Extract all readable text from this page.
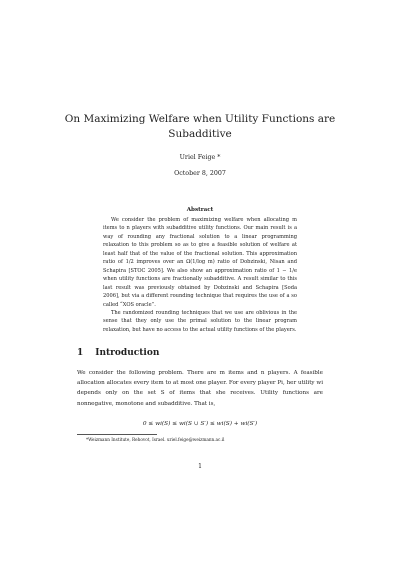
On Maximizing Welfare when Utility Functions are Subadditive
Uriel Feige *
October 8, 2007
Abstract

We consider the problem of maximizing welfare when allocating m items to n players with subadditive utility functions. Our main result is a way of rounding any fractional solution to a linear programming relaxation to this problem so as to give a feasible solution of welfare at least half that of the value of the fractional solution. This approximation ratio of 1/2 improves over an Ω(1/log m) ratio of Dobzinski, Nisan and Schapira [STOC 2005]. We also show an approximation ratio of 1 − 1/e when utility functions are fractionally subadditive. A result similar to this last result was previously obtained by Dobzinski and Schapira [Soda 2006], but via a different rounding technique that requires the use of a so called “XOS oracle”.

The randomized rounding techniques that we use are oblivious in the sense that they only use the primal solution to the linear program relaxation, but have no access to the actual utility functions of the players.

1 Introduction

We consider the following problem. There are m items and n players. A feasible allocation allocates every item to at most one player. For every player Pi, her utility wi depends only on the set S of items that she receives. Utility functions are nonnegative, monotone and subadditive. That is,

0 ≤ wi(S) ≤ wi(S ∪ S′) ≤ wi(S) + wi(S′)
*Weizmann Institute, Rehovot, Israel. uriel.feige@weizmann.ac.il
1
